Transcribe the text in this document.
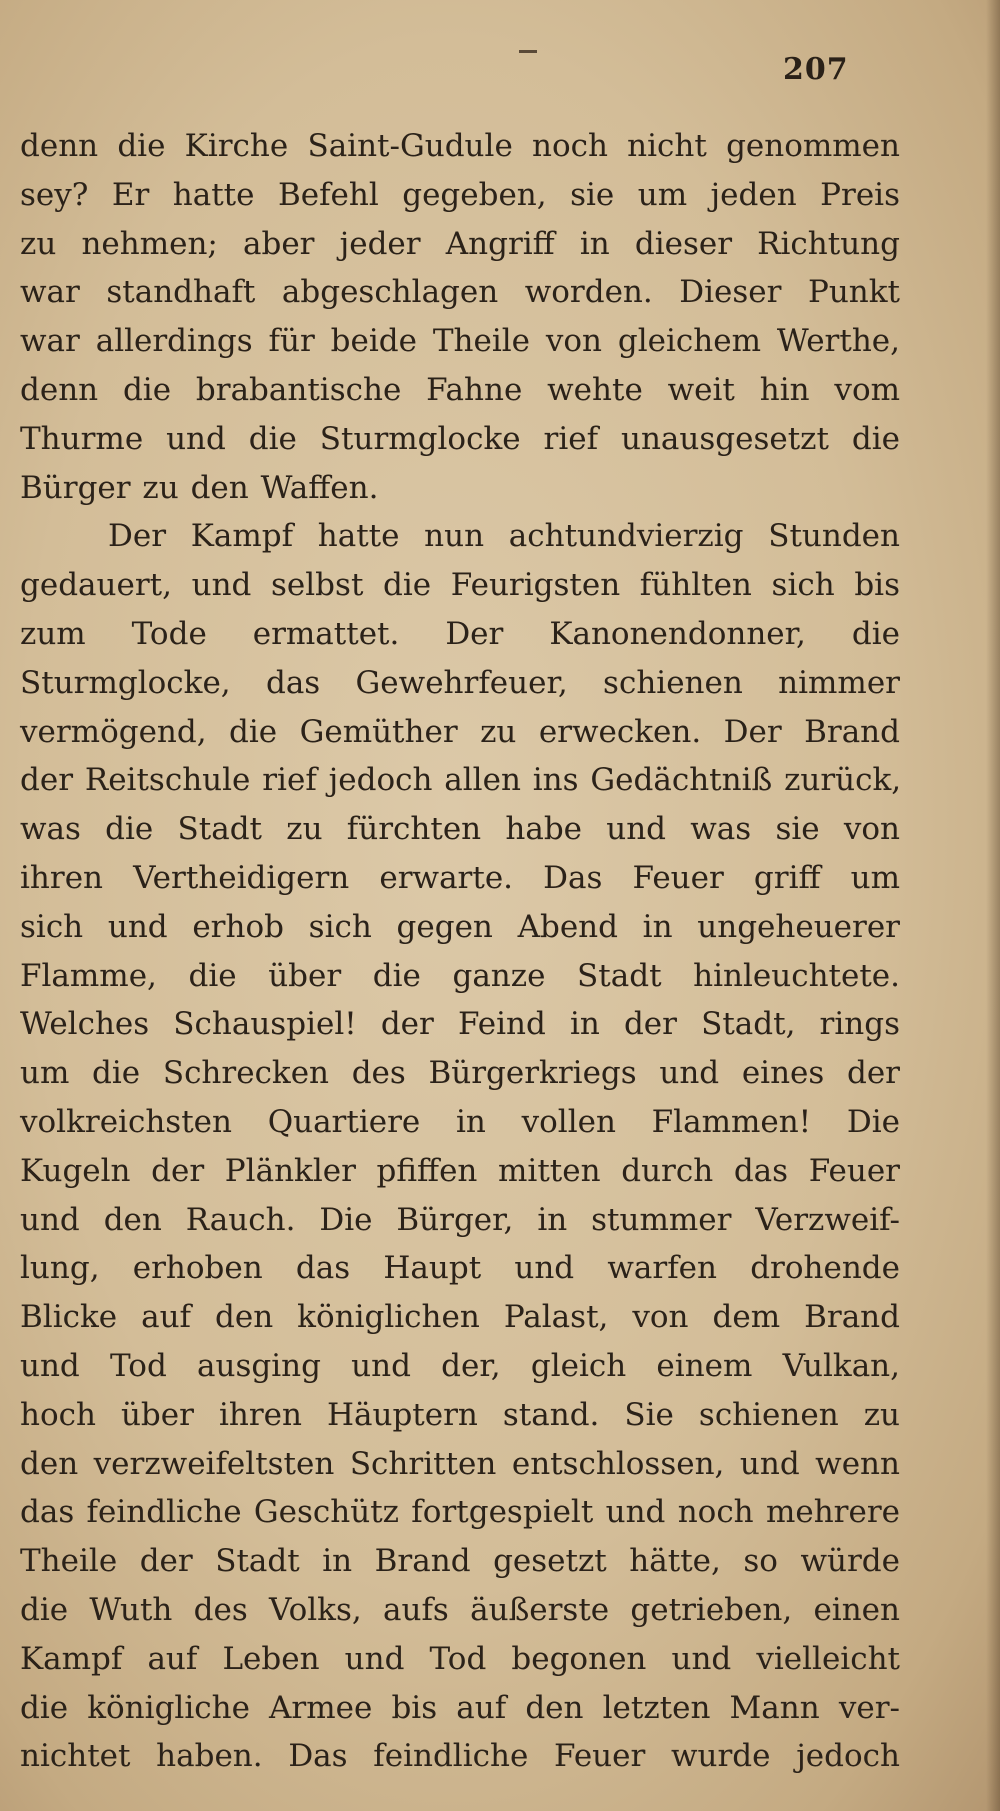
207
denn die Kirche Saint-Gudule noch nicht genommen
sey? Er hatte Befehl gegeben, sie um jeden Preis
zu nehmen; aber jeder Angriff in dieser Richtung
war standhaft abgeschlagen worden. Dieser Punkt
war allerdings für beide Theile von gleichem Werthe,
denn die brabantische Fahne wehte weit hin vom
Thurme und die Sturmglocke rief unausgesetzt die
Bürger zu den Waffen.
Der Kampf hatte nun achtundvierzig Stunden
gedauert, und selbst die Feurigsten fühlten sich bis
zum Tode ermattet. Der Kanonendonner, die
Sturmglocke, das Gewehrfeuer, schienen nimmer
vermögend, die Gemüther zu erwecken. Der Brand
der Reitschule rief jedoch allen ins Gedächtniß zurück,
was die Stadt zu fürchten habe und was sie von
ihren Vertheidigern erwarte. Das Feuer griff um
sich und erhob sich gegen Abend in ungeheuerer
Flamme, die über die ganze Stadt hinleuchtete.
Welches Schauspiel! der Feind in der Stadt, rings
um die Schrecken des Bürgerkriegs und eines der
volkreichsten Quartiere in vollen Flammen! Die
Kugeln der Plänkler pfiffen mitten durch das Feuer
und den Rauch. Die Bürger, in stummer Verzweif-
lung, erhoben das Haupt und warfen drohende
Blicke auf den königlichen Palast, von dem Brand
und Tod ausging und der, gleich einem Vulkan,
hoch über ihren Häuptern stand. Sie schienen zu
den verzweifeltsten Schritten entschlossen, und wenn
das feindliche Geschütz fortgespielt und noch mehrere
Theile der Stadt in Brand gesetzt hätte, so würde
die Wuth des Volks, aufs äußerste getrieben, einen
Kampf auf Leben und Tod begonen und vielleicht
die königliche Armee bis auf den letzten Mann ver-
nichtet haben. Das feindliche Feuer wurde jedoch
